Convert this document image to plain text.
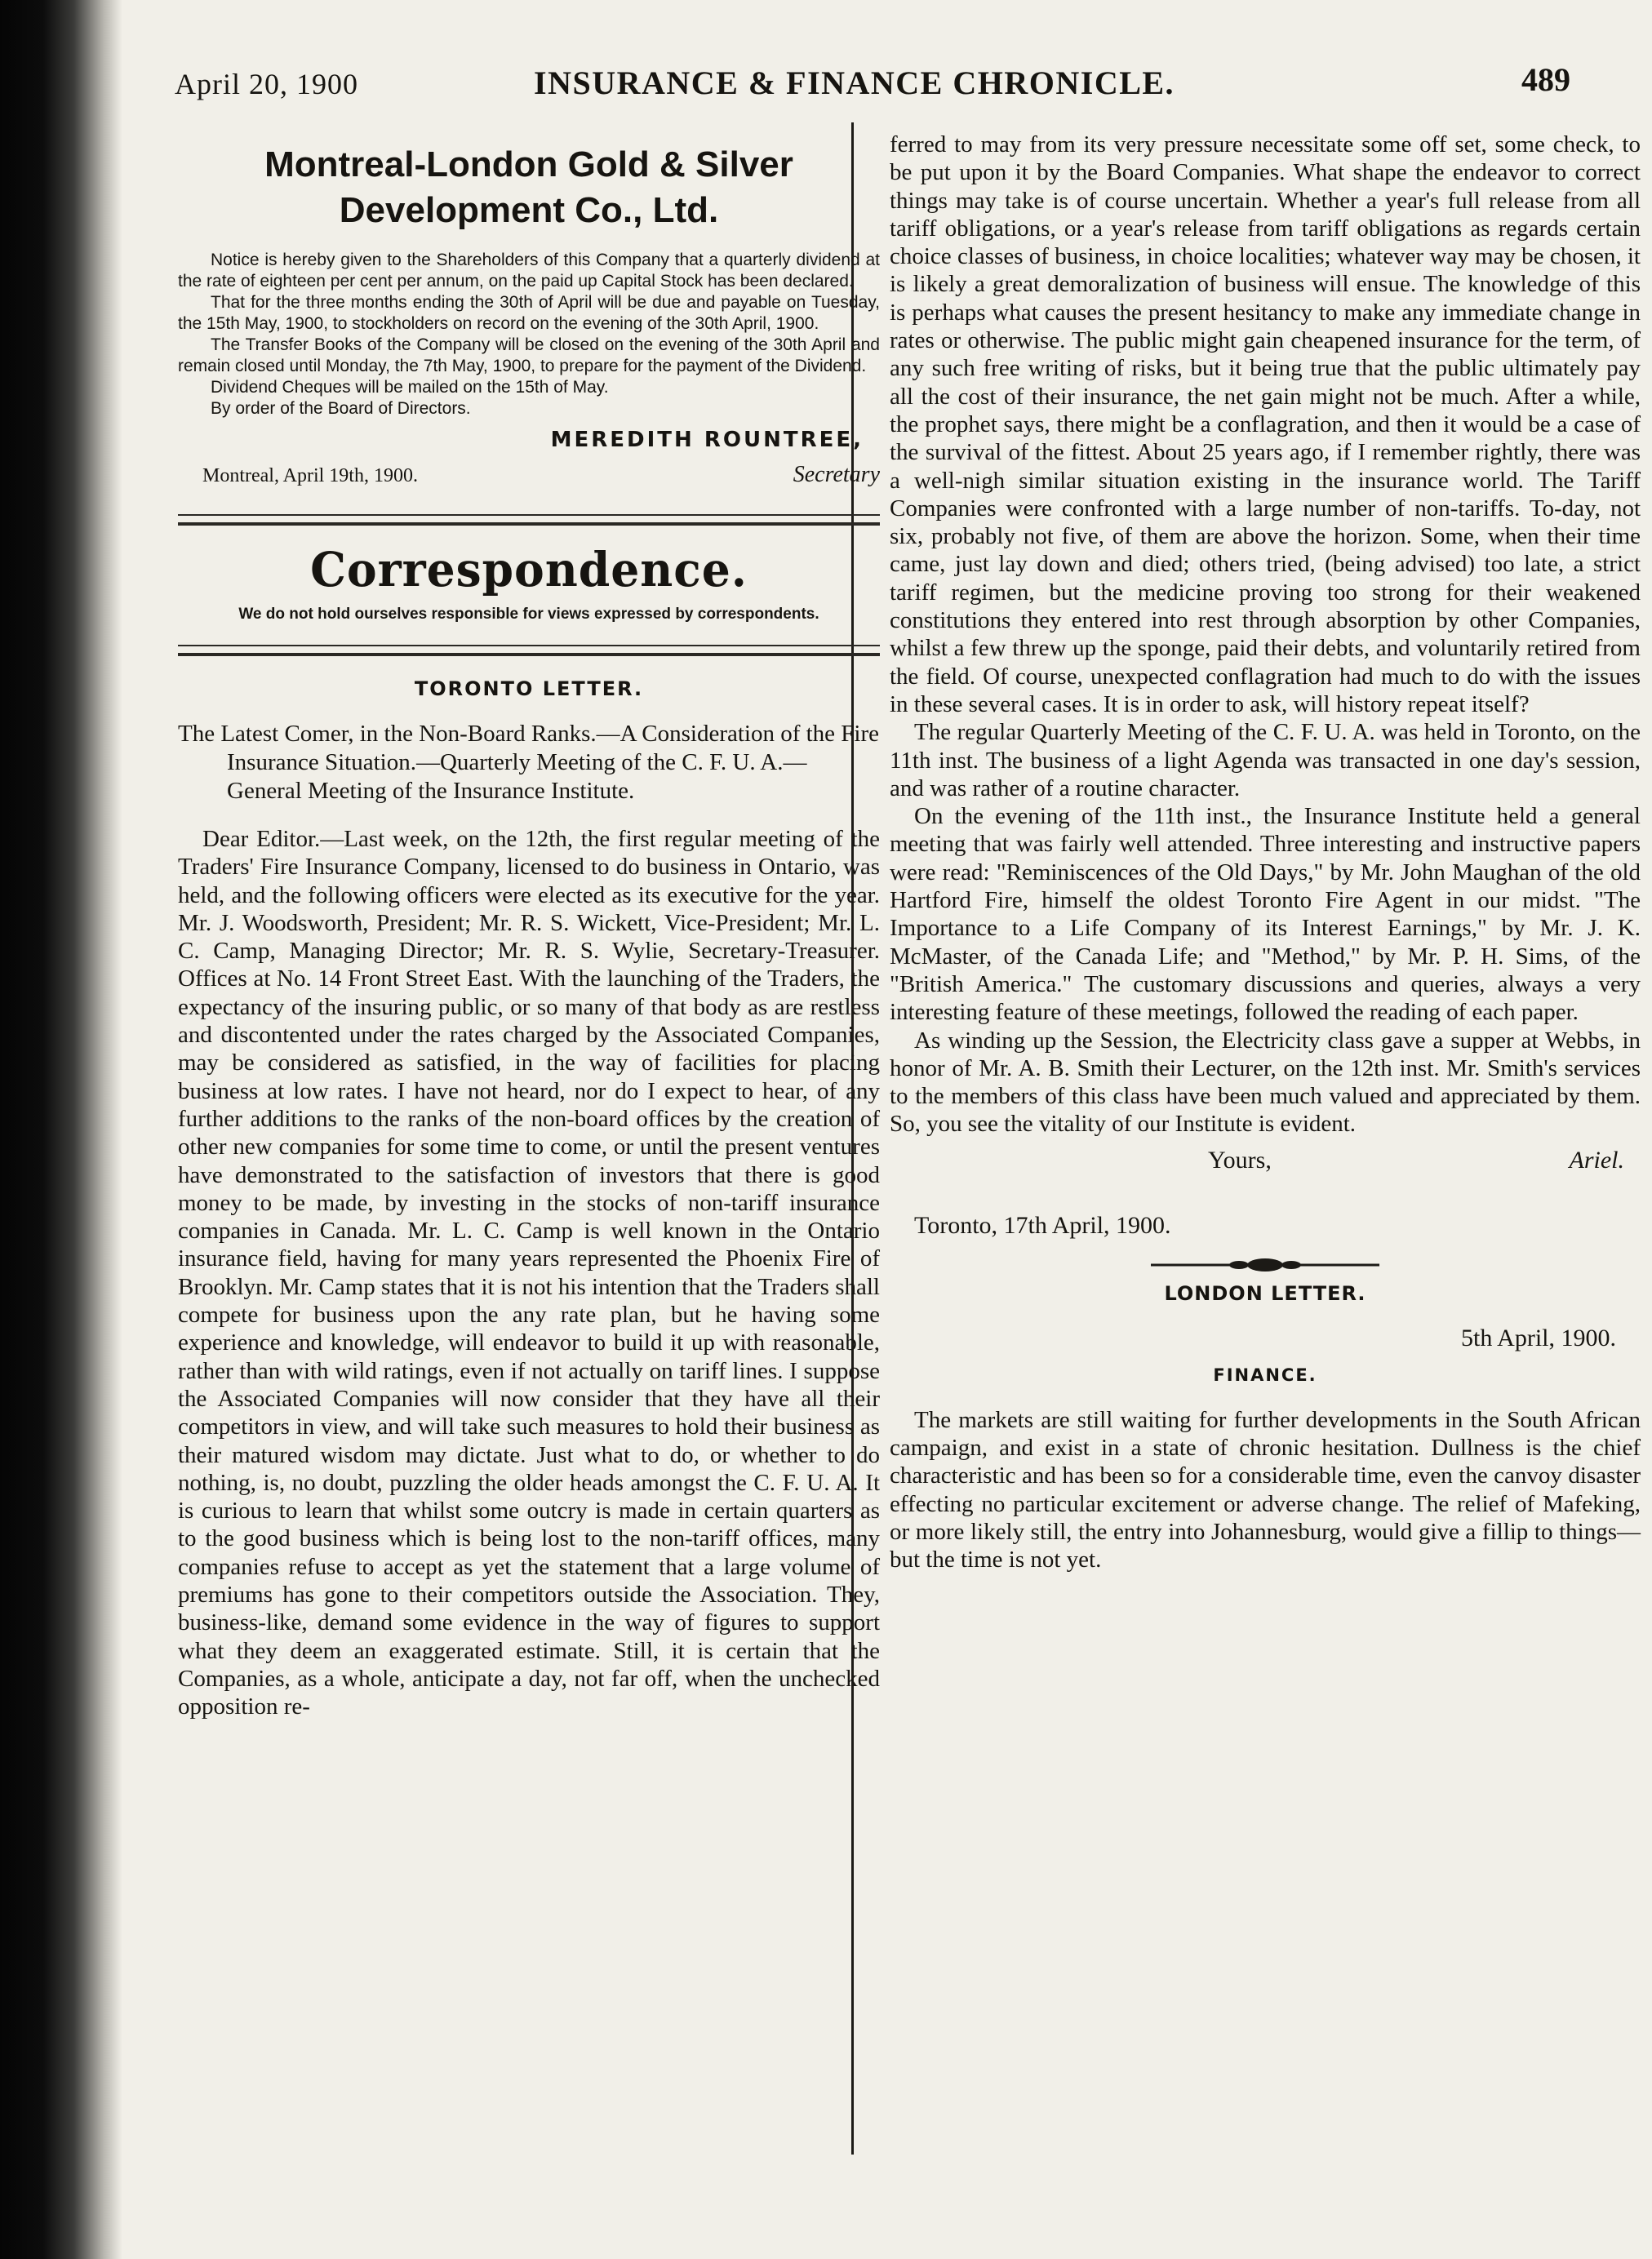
April 20, 1900	INSURANCE & FINANCE CHRONICLE.	489
Montreal-London Gold & Silver
Development Co., Ltd.

Notice is hereby given to the Shareholders of this Company that a quarterly dividend at the rate of eighteen per cent per annum, on the paid up Capital Stock has been declared.

That for the three months ending the 30th of April will be due and payable on Tuesday, the 15th May, 1900, to stockholders on record on the evening of the 30th April, 1900.

The Transfer Books of the Company will be closed on the evening of the 30th April and remain closed until Monday, the 7th May, 1900, to prepare for the payment of the Dividend.

Dividend Cheques will be mailed on the 15th of May.

By order of the Board of Directors.

MEREDITH ROUNTREE,
Montreal, April 19th, 1900.	Secretary
Correspondence.
We do not hold ourselves responsible for views expressed by correspondents.
TORONTO LETTER.

The Latest Comer, in the Non-Board Ranks.—A Consideration of the Fire Insurance Situation.—Quarterly Meeting of the C. F. U. A.—General Meeting of the Insurance Institute.

Dear Editor.—Last week, on the 12th, the first regular meeting of the Traders' Fire Insurance Company, licensed to do business in Ontario, was held, and the following officers were elected as its executive for the year. Mr. J. Woodsworth, President; Mr. R. S. Wickett, Vice-President; Mr. L. C. Camp, Managing Director; Mr. R. S. Wylie, Secretary-Treasurer. Offices at No. 14 Front Street East. With the launching of the Traders, the expectancy of the insuring public, or so many of that body as are restless and discontented under the rates charged by the Associated Companies, may be considered as satisfied, in the way of facilities for placing business at low rates. I have not heard, nor do I expect to hear, of any further additions to the ranks of the non-board offices by the creation of other new companies for some time to come, or until the present ventures have demonstrated to the satisfaction of investors that there is good money to be made, by investing in the stocks of non-tariff insurance companies in Canada. Mr. L. C. Camp is well known in the Ontario insurance field, having for many years represented the Phoenix Fire of Brooklyn. Mr. Camp states that it is not his intention that the Traders shall compete for business upon the any rate plan, but he having some experience and knowledge, will endeavor to build it up with reasonable, rather than with wild ratings, even if not actually on tariff lines. I suppose the Associated Companies will now consider that they have all their competitors in view, and will take such measures to hold their business as their matured wisdom may dictate. Just what to do, or whether to do nothing, is, no doubt, puzzling the older heads amongst the C. F. U. A. It is curious to learn that whilst some outcry is made in certain quarters as to the good business which is being lost to the non-tariff offices, many companies refuse to accept as yet the statement that a large volume of premiums has gone to their competitors outside the Association. They, business-like, demand some evidence in the way of figures to support what they deem an exaggerated estimate. Still, it is certain that the Companies, as a whole, anticipate a day, not far off, when the unchecked opposition re-

ferred to may from its very pressure necessitate some off set, some check, to be put upon it by the Board Companies. What shape the endeavor to correct things may take is of course uncertain. Whether a year's full release from all tariff obligations, or a year's release from tariff obligations as regards certain choice classes of business, in choice localities; whatever way may be chosen, it is likely a great demoralization of business will ensue. The knowledge of this is perhaps what causes the present hesitancy to make any immediate change in rates or otherwise. The public might gain cheapened insurance for the term, of any such free writing of risks, but it being true that the public ultimately pay all the cost of their insurance, the net gain might not be much. After a while, the prophet says, there might be a conflagration, and then it would be a case of the survival of the fittest. About 25 years ago, if I remember rightly, there was a well-nigh similar situation existing in the insurance world. The Tariff Companies were confronted with a large number of non-tariffs. To-day, not six, probably not five, of them are above the horizon. Some, when their time came, just lay down and died; others tried, (being advised) too late, a strict tariff regimen, but the medicine proving too strong for their weakened constitutions they entered into rest through absorption by other Companies, whilst a few threw up the sponge, paid their debts, and voluntarily retired from the field. Of course, unexpected conflagration had much to do with the issues in these several cases. It is in order to ask, will history repeat itself?

The regular Quarterly Meeting of the C. F. U. A. was held in Toronto, on the 11th inst. The business of a light Agenda was transacted in one day's session, and was rather of a routine character.

On the evening of the 11th inst., the Insurance Institute held a general meeting that was fairly well attended. Three interesting and instructive papers were read: "Reminiscences of the Old Days," by Mr. John Maughan of the old Hartford Fire, himself the oldest Toronto Fire Agent in our midst. "The Importance to a Life Company of its Interest Earnings," by Mr. J. K. McMaster, of the Canada Life; and "Method," by Mr. P. H. Sims, of the "British America." The customary discussions and queries, always a very interesting feature of these meetings, followed the reading of each paper.

As winding up the Session, the Electricity class gave a supper at Webbs, in honor of Mr. A. B. Smith their Lecturer, on the 12th inst. Mr. Smith's services to the members of this class have been much valued and appreciated by them. So, you see the vitality of our Institute is evident.

Yours,	Ariel.
Toronto, 17th April, 1900.
LONDON LETTER.
5th April, 1900.
FINANCE.

The markets are still waiting for further developments in the South African campaign, and exist in a state of chronic hesitation. Dullness is the chief characteristic and has been so for a considerable time, even the canvoy disaster effecting no particular excitement or adverse change. The relief of Mafeking, or more likely still, the entry into Johannesburg, would give a fillip to things—but the time is not yet.
